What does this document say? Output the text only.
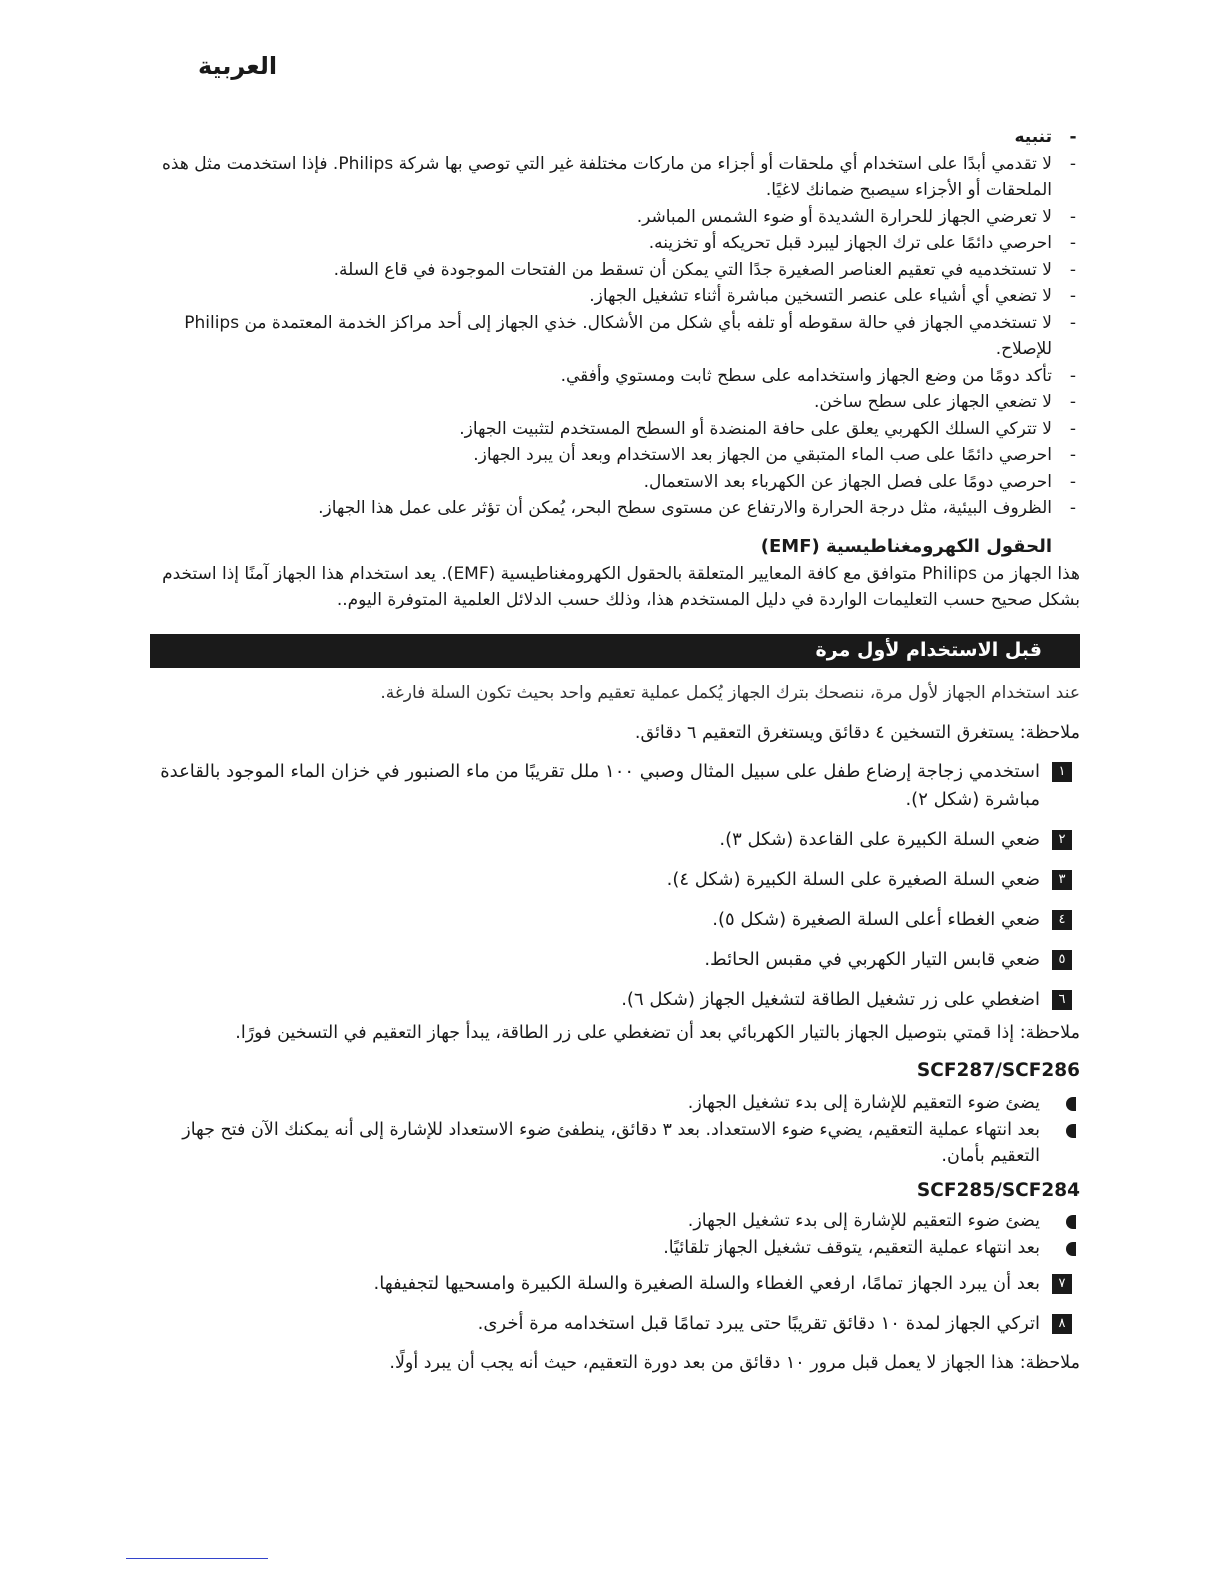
العربية
-
تنبيه
-
لا تقدمي أبدًا على استخدام أي ملحقات أو أجزاء من ماركات مختلفة غير التي توصي بها شركة Philips. فإذا استخدمت مثل هذه الملحقات أو الأجزاء سيصبح ضمانك لاغيًا.
-
لا تعرضي الجهاز للحرارة الشديدة أو ضوء الشمس المباشر.
-
احرصي دائمًا على ترك الجهاز ليبرد قبل تحريكه أو تخزينه.
-
لا تستخدميه في تعقيم العناصر الصغيرة جدًا التي يمكن أن تسقط من الفتحات الموجودة في قاع السلة.
-
لا تضعي أي أشياء على عنصر التسخين مباشرة أثناء تشغيل الجهاز.
-
لا تستخدمي الجهاز في حالة سقوطه أو تلفه بأي شكل من الأشكال. خذي الجهاز إلى أحد مراكز الخدمة المعتمدة من Philips للإصلاح.
-
تأكد دومًا من وضع الجهاز واستخدامه على سطح ثابت ومستوي وأفقي.
-
لا تضعي الجهاز على سطح ساخن.
-
لا تتركي السلك الكهربي يعلق على حافة المنضدة أو السطح المستخدم لتثبيت الجهاز.
-
احرصي دائمًا على صب الماء المتبقي من الجهاز بعد الاستخدام وبعد أن يبرد الجهاز.
-
احرصي دومًا على فصل الجهاز عن الكهرباء بعد الاستعمال.
-
الظروف البيئية، مثل درجة الحرارة والارتفاع عن مستوى سطح البحر، يُمكن أن تؤثر على عمل هذا الجهاز.
الحقول الكهرومغناطيسية (EMF)

هذا الجهاز من Philips متوافق مع كافة المعايير المتعلقة بالحقول الكهرومغناطيسية (EMF). يعد استخدام هذا الجهاز آمنًا إذا استخدم بشكل صحيح حسب التعليمات الواردة في دليل المستخدم هذا، وذلك حسب الدلائل العلمية المتوفرة اليوم..

قبل الاستخدام لأول مرة
عند استخدام الجهاز لأول مرة، ننصحك بترك الجهاز يُكمل عملية تعقيم واحد بحيث تكون السلة فارغة.
ملاحظة: يستغرق التسخين ٤ دقائق ويستغرق التعقيم ٦ دقائق.
١
استخدمي زجاجة إرضاع طفل على سبيل المثال وصبي ١٠٠ ملل تقريبًا من ماء الصنبور في خزان الماء الموجود بالقاعدة مباشرة (شكل ٢).
٢
ضعي السلة الكبيرة على القاعدة (شكل ٣).
٣
ضعي السلة الصغيرة على السلة الكبيرة (شكل ٤).
٤
ضعي الغطاء أعلى السلة الصغيرة (شكل ٥).
٥
ضعي قابس التيار الكهربي في مقبس الحائط.
٦
اضغطي على زر تشغيل الطاقة لتشغيل الجهاز (شكل ٦).
ملاحظة: إذا قمتي بتوصيل الجهاز بالتيار الكهربائي بعد أن تضغطي على زر الطاقة، يبدأ جهاز التعقيم في التسخين فورًا.
SCF287/SCF286
يضئ ضوء التعقيم للإشارة إلى بدء تشغيل الجهاز.
بعد انتهاء عملية التعقيم، يضيء ضوء الاستعداد. بعد ٣ دقائق، ينطفئ ضوء الاستعداد للإشارة إلى أنه يمكنك الآن فتح جهاز التعقيم بأمان.
SCF285/SCF284
يضئ ضوء التعقيم للإشارة إلى بدء تشغيل الجهاز.
بعد انتهاء عملية التعقيم، يتوقف تشغيل الجهاز تلقائيًا.
٧
بعد أن يبرد الجهاز تمامًا، ارفعي الغطاء والسلة الصغيرة والسلة الكبيرة وامسحيها لتجفيفها.
٨
اتركي الجهاز لمدة ١٠ دقائق تقريبًا حتى يبرد تمامًا قبل استخدامه مرة أخرى.
ملاحظة: هذا الجهاز لا يعمل قبل مرور ١٠ دقائق من بعد دورة التعقيم، حيث أنه يجب أن يبرد أولًا.
